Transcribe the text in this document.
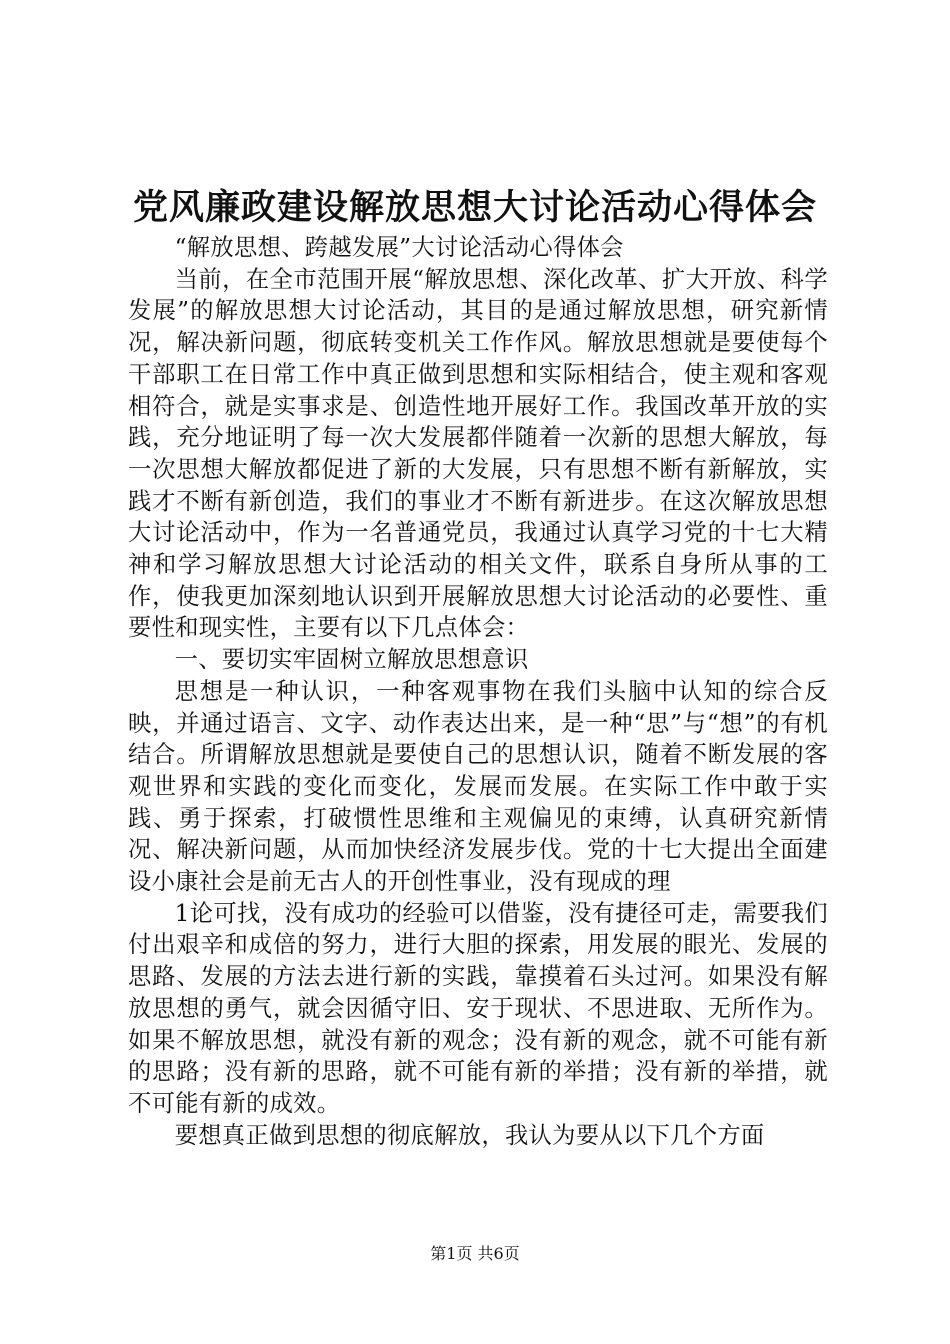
党风廉政建设解放思想大讨论活动心得体会

“解放思想、跨越发展”大讨论活动心得体会

当前，在全市范围开展“解放思想、深化改革、扩大开放、科学发展”的解放思想大讨论活动，其目的是通过解放思想，研究新情况，解决新问题，彻底转变机关工作作风。解放思想就是要使每个干部职工在日常工作中真正做到思想和实际相结合，使主观和客观相符合，就是实事求是、创造性地开展好工作。我国改革开放的实践，充分地证明了每一次大发展都伴随着一次新的思想大解放，每一次思想大解放都促进了新的大发展，只有思想不断有新解放，实践才不断有新创造，我们的事业才不断有新进步。在这次解放思想大讨论活动中，作为一名普通党员，我通过认真学习党的十七大精神和学习解放思想大讨论活动的相关文件，联系自身所从事的工作，使我更加深刻地认识到开展解放思想大讨论活动的必要性、重要性和现实性，主要有以下几点体会：

一、要切实牢固树立解放思想意识

思想是一种认识，一种客观事物在我们头脑中认知的综合反映，并通过语言、文字、动作表达出来，是一种“思”与“想”的有机结合。所谓解放思想就是要使自己的思想认识，随着不断发展的客观世界和实践的变化而变化，发展而发展。在实际工作中敢于实践、勇于探索，打破惯性思维和主观偏见的束缚，认真研究新情况、解决新问题，从而加快经济发展步伐。党的十七大提出全面建设小康社会是前无古人的开创性事业，没有现成的理

1论可找，没有成功的经验可以借鉴，没有捷径可走，需要我们付出艰辛和成倍的努力，进行大胆的探索，用发展的眼光、发展的思路、发展的方法去进行新的实践，靠摸着石头过河。如果没有解放思想的勇气，就会因循守旧、安于现状、不思进取、无所作为。如果不解放思想，就没有新的观念；没有新的观念，就不可能有新的思路；没有新的思路，就不可能有新的举措；没有新的举措，就不可能有新的成效。

要想真正做到思想的彻底解放，我认为要从以下几个方面

第1页 共6页
